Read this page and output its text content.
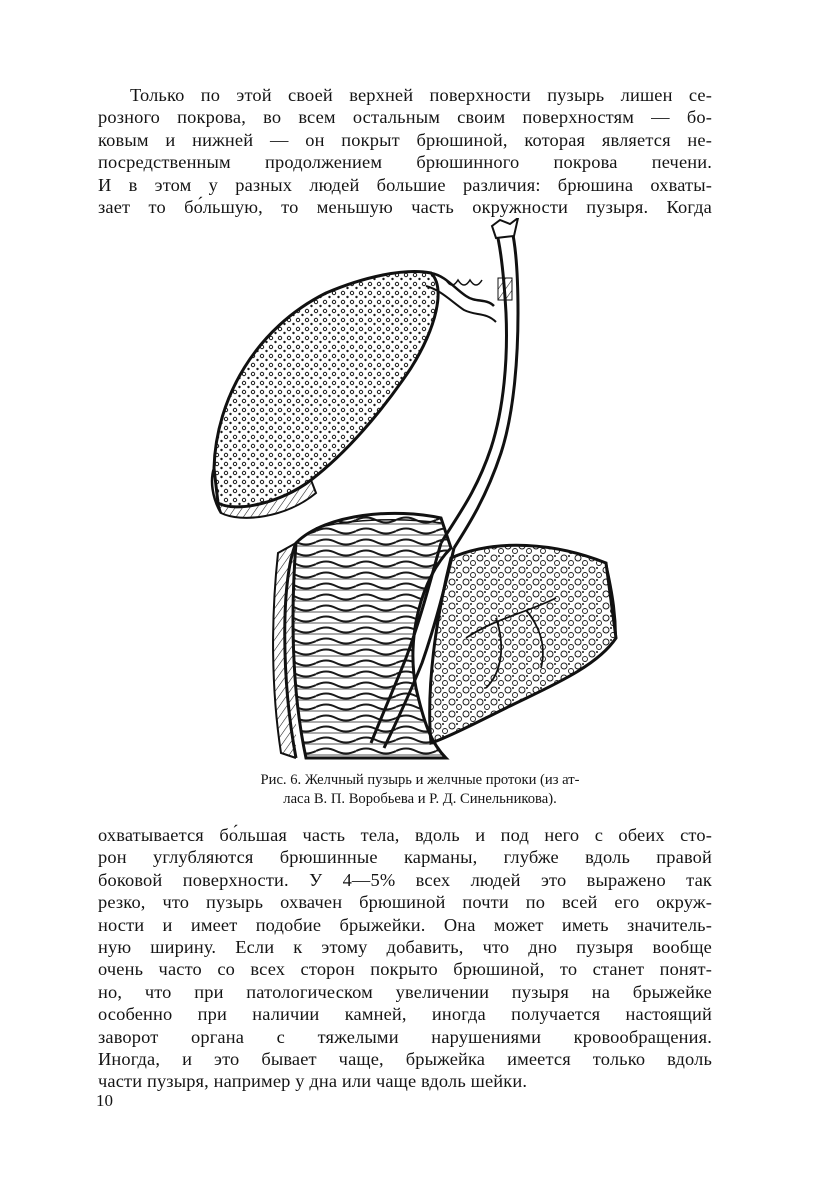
Только по этой своей верхней поверхности пузырь лишен се-
розного покрова, во всем остальным своим поверхностям — бо-
ковым и нижней — он покрыт брюшиной, которая является не-
посредственным продолжением брюшинного покрова печени.
И в этом у разных людей большие различия: брюшина охваты-
зает то бо́льшую, то меньшую часть окружности пузыря. Когда
Рис. 6. Желчный пузырь и желчные протоки (из ат-
ласа В. П. Воробьева и Р. Д. Синельникова).
охватывается бо́льшая часть тела, вдоль и под него с обеих сто-
рон углубляются брюшинные карманы, глубже вдоль правой
боковой поверхности. У 4—5% всех людей это выражено так
резко, что пузырь охвачен брюшиной почти по всей его окруж-
ности и имеет подобие брыжейки. Она может иметь значитель-
ную ширину. Если к этому добавить, что дно пузыря вообще
очень часто со всех сторон покрыто брюшиной, то станет понят-
но, что при патологическом увеличении пузыря на брыжейке
особенно при наличии камней, иногда получается настоящий
заворот органа с тяжелыми нарушениями кровообращения.
Иногда, и это бывает чаще, брыжейка имеется только вдоль
части пузыря, например у дна или чаще вдоль шейки.
10
